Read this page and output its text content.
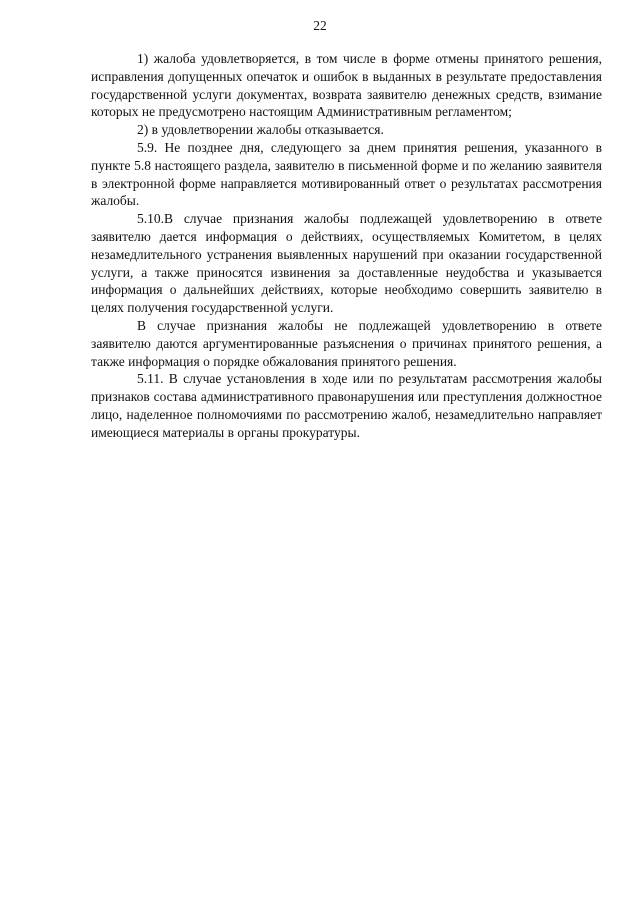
22

1) жалоба удовлетворяется, в том числе в форме отмены принятого решения, исправления допущенных опечаток и ошибок в выданных в результате предоставления государственной услуги документах, возврата заявителю денежных средств, взимание которых не предусмотрено настоящим Административным регламентом;

2) в удовлетворении жалобы отказывается.

5.9. Не позднее дня, следующего за днем принятия решения, указанного в пункте 5.8 настоящего раздела, заявителю в письменной форме и по желанию заявителя в электронной форме направляется мотивированный ответ о результатах рассмотрения жалобы.

5.10.В случае признания жалобы подлежащей удовлетворению в ответе заявителю дается информация о действиях, осуществляемых Комитетом, в целях незамедлительного устранения выявленных нарушений при оказании государственной услуги, а также приносятся извинения за доставленные неудобства и указывается информация о дальнейших действиях, которые необходимо совершить заявителю в целях получения государственной услуги.

В случае признания жалобы не подлежащей удовлетворению в ответе заявителю даются аргументированные разъяснения о причинах принятого решения, а также информация о порядке обжалования принятого решения.

5.11. В случае установления в ходе или по результатам рассмотрения жалобы признаков состава административного правонарушения или преступления должностное лицо, наделенное полномочиями по рассмотрению жалоб, незамедлительно направляет имеющиеся материалы в органы прокуратуры.
